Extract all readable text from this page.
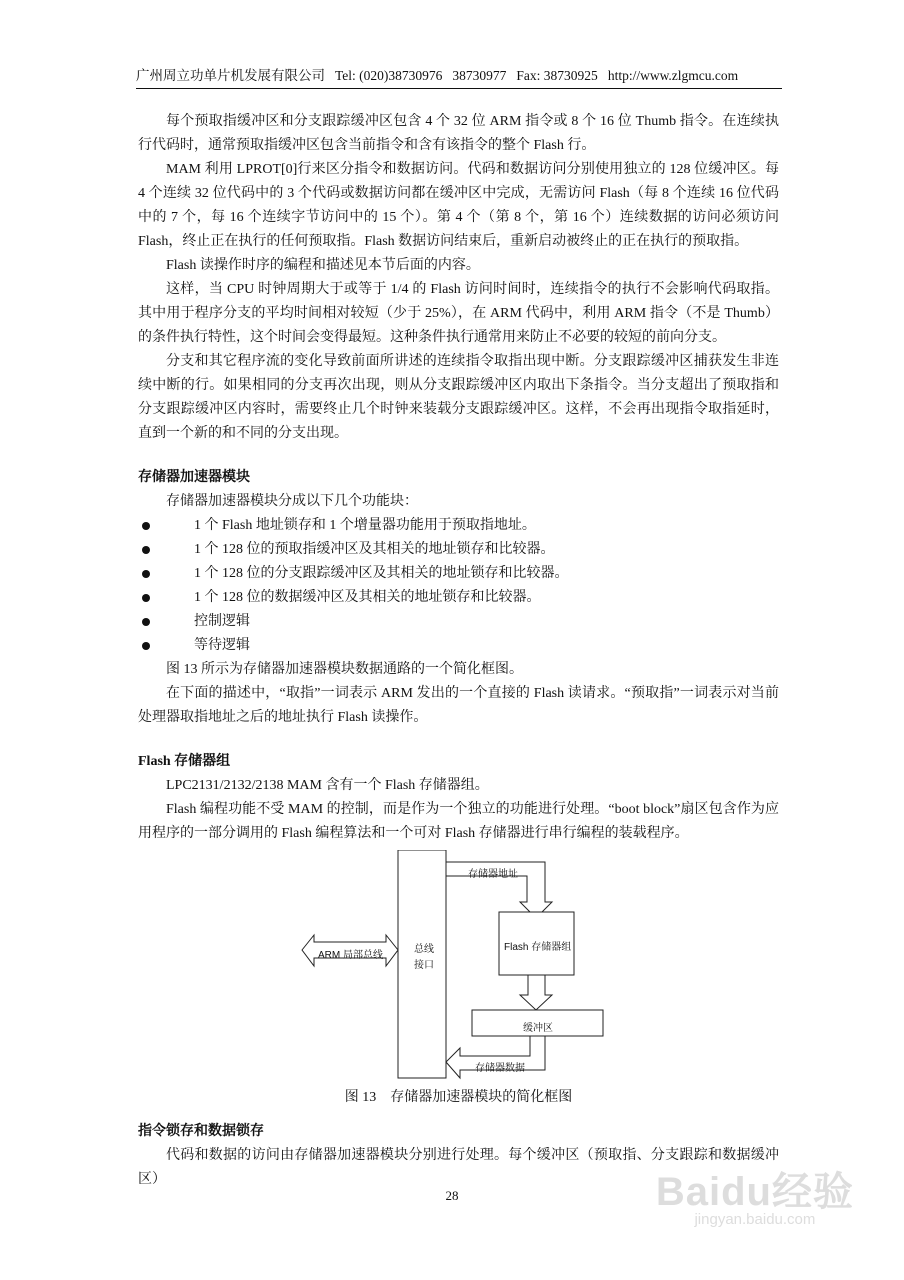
广州周立功单片机发展有限公司 Tel: (020)38730976 38730977 Fax: 38730925 http://www.zlgmcu.com

每个预取指缓冲区和分支跟踪缓冲区包含 4 个 32 位 ARM 指令或 8 个 16 位 Thumb 指令。在连续执行代码时，通常预取指缓冲区包含当前指令和含有该指令的整个 Flash 行。

MAM 利用 LPROT[0]行来区分指令和数据访问。代码和数据访问分别使用独立的 128 位缓冲区。每 4 个连续 32 位代码中的 3 个代码或数据访问都在缓冲区中完成，无需访问 Flash（每 8 个连续 16 位代码中的 7 个，每 16 个连续字节访问中的 15 个）。第 4 个（第 8 个，第 16 个）连续数据的访问必须访问 Flash，终止正在执行的任何预取指。Flash 数据访问结束后，重新启动被终止的正在执行的预取指。

Flash 读操作时序的编程和描述见本节后面的内容。

这样，当 CPU 时钟周期大于或等于 1/4 的 Flash 访问时间时，连续指令的执行不会影响代码取指。其中用于程序分支的平均时间相对较短（少于 25%），在 ARM 代码中，利用 ARM 指令（不是 Thumb）的条件执行特性，这个时间会变得最短。这种条件执行通常用来防止不必要的较短的前向分支。

分支和其它程序流的变化导致前面所讲述的连续指令取指出现中断。分支跟踪缓冲区捕获发生非连续中断的行。如果相同的分支再次出现，则从分支跟踪缓冲区内取出下条指令。当分支超出了预取指和分支跟踪缓冲区内容时，需要终止几个时钟来装载分支跟踪缓冲区。这样，不会再出现指令取指延时，直到一个新的和不同的分支出现。

存储器加速器模块

存储器加速器模块分成以下几个功能块：

1 个 Flash 地址锁存和 1 个增量器功能用于预取指地址。
1 个 128 位的预取指缓冲区及其相关的地址锁存和比较器。
1 个 128 位的分支跟踪缓冲区及其相关的地址锁存和比较器。
1 个 128 位的数据缓冲区及其相关的地址锁存和比较器。
控制逻辑
等待逻辑

图 13 所示为存储器加速器模块数据通路的一个简化框图。

在下面的描述中，“取指”一词表示 ARM 发出的一个直接的 Flash 读请求。“预取指”一词表示对当前处理器取指地址之后的地址执行 Flash 读操作。

Flash 存储器组

LPC2131/2132/2138 MAM 含有一个 Flash 存储器组。

Flash 编程功能不受 MAM 的控制，而是作为一个独立的功能进行处理。“boot block”扇区包含作为应用程序的一部分调用的 Flash 编程算法和一个可对 Flash 存储器进行串行编程的装载程序。

ARM 局部总线
总线
接口
存储器地址
Flash 存储器组
缓冲区
存储器数据
图 13　存储器加速器模块的简化框图
指令锁存和数据锁存

代码和数据的访问由存储器加速器模块分别进行处理。每个缓冲区（预取指、分支跟踪和数据缓冲区）

28	Baidu经验
jingyan.baidu.com
